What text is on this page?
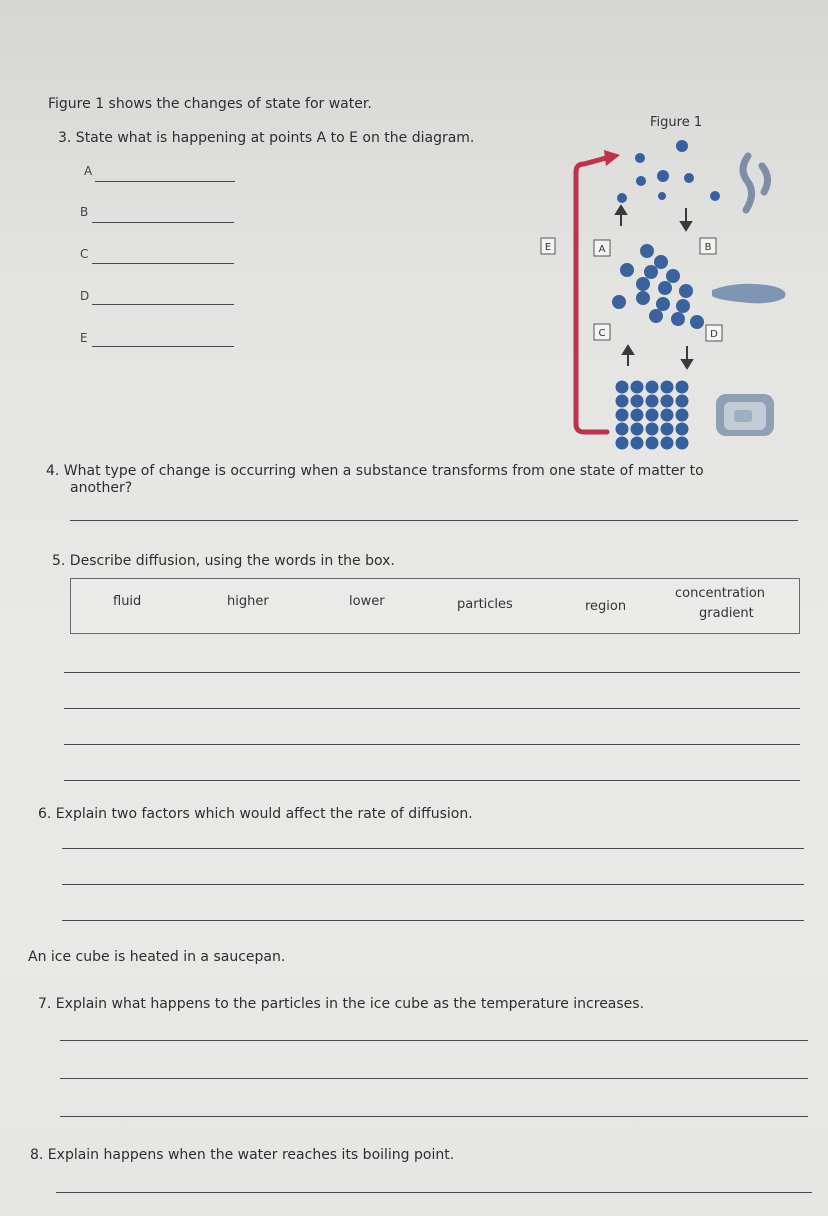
Figure 1 shows the changes of state for water.
3. State what is happening at points A to E on the diagram.
A
B
C
D
E
Figure 1
E	A	B
C	D
4. What type of change is occurring when a substance transforms from one state of matter to
another?
5. Describe diffusion, using the words in the box.
fluid	higher	lower	particles	region
concentration
gradient
6. Explain two factors which would affect the rate of diffusion.
An ice cube is heated in a saucepan.
7. Explain what happens to the particles in the ice cube as the temperature increases.
8. Explain happens when the water reaches its boiling point.
